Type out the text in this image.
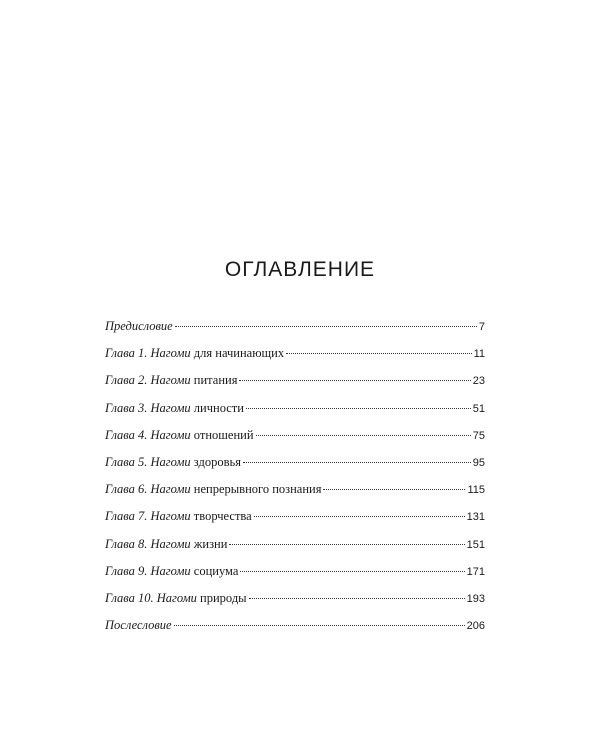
ОГЛАВЛЕНИЕ
Предисловие	7
Глава 1. Нагоми для начинающих	11
Глава 2. Нагоми питания	23
Глава 3. Нагоми личности	51
Глава 4. Нагоми отношений	75
Глава 5. Нагоми здоровья	95
Глава 6. Нагоми непрерывного познания	115
Глава 7. Нагоми творчества	131
Глава 8. Нагоми жизни	151
Глава 9. Нагоми социума	171
Глава 10. Нагоми природы	193
Послесловие	206
